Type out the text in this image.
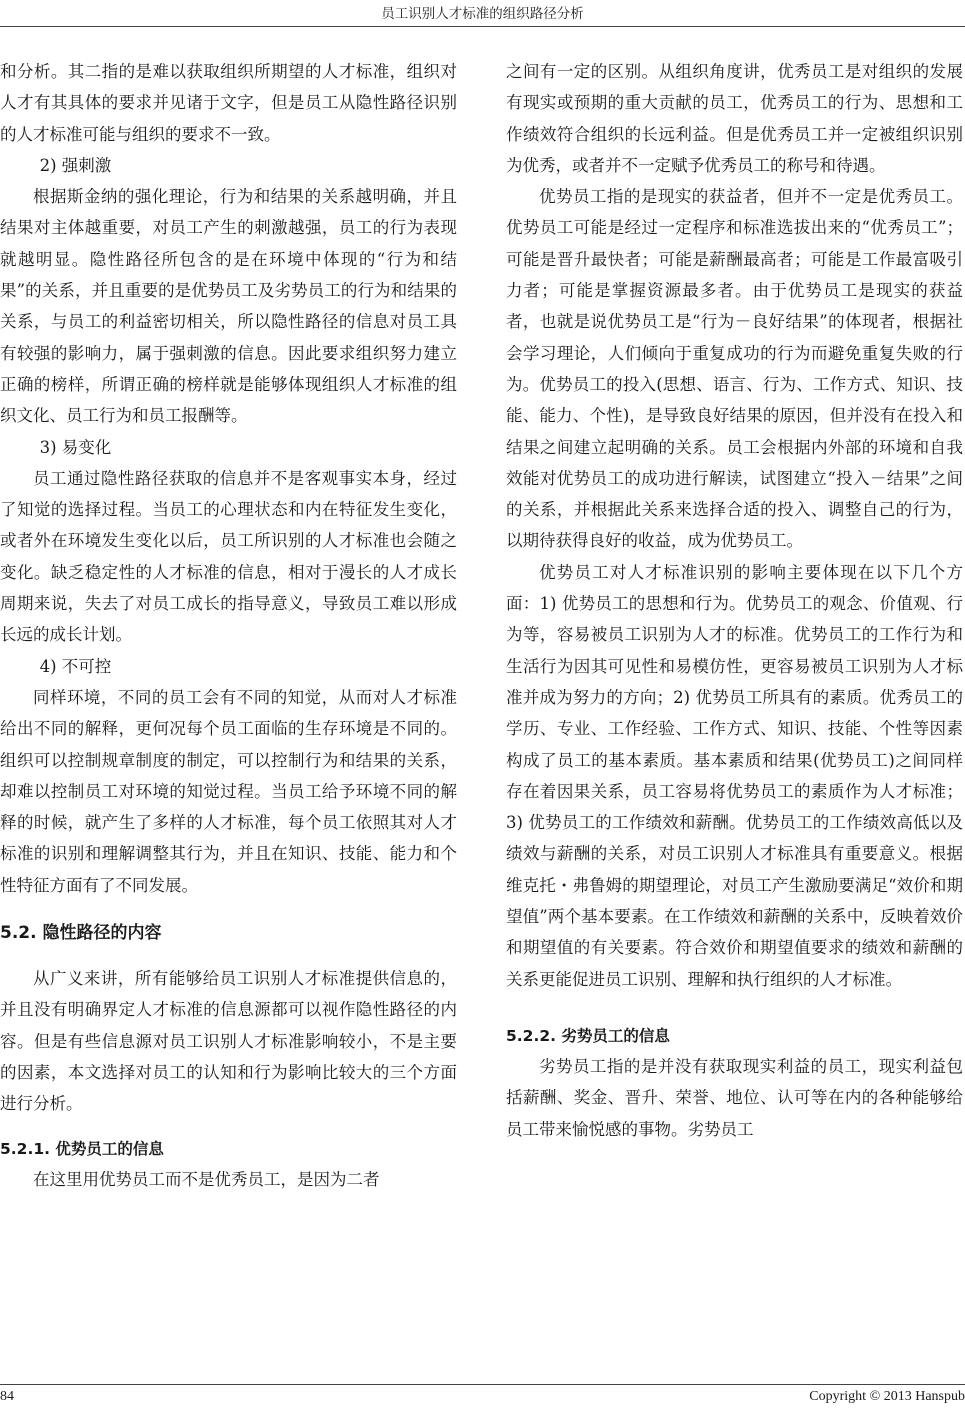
员工识别人才标准的组织路径分析

和分析。其二指的是难以获取组织所期望的人才标准，组织对人才有其具体的要求并见诸于文字，但是员工从隐性路径识别的人才标准可能与组织的要求不一致。

2) 强刺激

根据斯金纳的强化理论，行为和结果的关系越明确，并且结果对主体越重要，对员工产生的刺激越强，员工的行为表现就越明显。隐性路径所包含的是在环境中体现的“行为和结果”的关系，并且重要的是优势员工及劣势员工的行为和结果的关系，与员工的利益密切相关，所以隐性路径的信息对员工具有较强的影响力，属于强刺激的信息。因此要求组织努力建立正确的榜样，所谓正确的榜样就是能够体现组织人才标准的组织文化、员工行为和员工报酬等。

3) 易变化

员工通过隐性路径获取的信息并不是客观事实本身，经过了知觉的选择过程。当员工的心理状态和内在特征发生变化，或者外在环境发生变化以后，员工所识别的人才标准也会随之变化。缺乏稳定性的人才标准的信息，相对于漫长的人才成长周期来说，失去了对员工成长的指导意义，导致员工难以形成长远的成长计划。

4) 不可控

同样环境，不同的员工会有不同的知觉，从而对人才标准给出不同的解释，更何况每个员工面临的生存环境是不同的。组织可以控制规章制度的制定，可以控制行为和结果的关系，却难以控制员工对环境的知觉过程。当员工给予环境不同的解释的时候，就产生了多样的人才标准，每个员工依照其对人才标准的识别和理解调整其行为，并且在知识、技能、能力和个性特征方面有了不同发展。

5.2. 隐性路径的内容

从广义来讲，所有能够给员工识别人才标准提供信息的，并且没有明确界定人才标准的信息源都可以视作隐性路径的内容。但是有些信息源对员工识别人才标准影响较小，不是主要的因素，本文选择对员工的认知和行为影响比较大的三个方面进行分析。

5.2.1. 优势员工的信息

在这里用优势员工而不是优秀员工，是因为二者

之间有一定的区别。从组织角度讲，优秀员工是对组织的发展有现实或预期的重大贡献的员工，优秀员工的行为、思想和工作绩效符合组织的长远利益。但是优秀员工并一定被组织识别为优秀，或者并不一定赋予优秀员工的称号和待遇。

优势员工指的是现实的获益者，但并不一定是优秀员工。优势员工可能是经过一定程序和标准选拔出来的“优秀员工”；可能是晋升最快者；可能是薪酬最高者；可能是工作最富吸引力者；可能是掌握资源最多者。由于优势员工是现实的获益者，也就是说优势员工是“行为－良好结果”的体现者，根据社会学习理论，人们倾向于重复成功的行为而避免重复失败的行为。优势员工的投入(思想、语言、行为、工作方式、知识、技能、能力、个性)，是导致良好结果的原因，但并没有在投入和结果之间建立起明确的关系。员工会根据内外部的环境和自我效能对优势员工的成功进行解读，试图建立“投入－结果”之间的关系，并根据此关系来选择合适的投入、调整自己的行为，以期待获得良好的收益，成为优势员工。

优势员工对人才标准识别的影响主要体现在以下几个方面：1) 优势员工的思想和行为。优势员工的观念、价值观、行为等，容易被员工识别为人才的标准。优势员工的工作行为和生活行为因其可见性和易模仿性，更容易被员工识别为人才标准并成为努力的方向；2) 优势员工所具有的素质。优秀员工的学历、专业、工作经验、工作方式、知识、技能、个性等因素构成了员工的基本素质。基本素质和结果(优势员工)之间同样存在着因果关系，员工容易将优势员工的素质作为人才标准；3) 优势员工的工作绩效和薪酬。优势员工的工作绩效高低以及绩效与薪酬的关系，对员工识别人才标准具有重要意义。根据维克托・弗鲁姆的期望理论，对员工产生激励要满足“效价和期望值”两个基本要素。在工作绩效和薪酬的关系中，反映着效价和期望值的有关要素。符合效价和期望值要求的绩效和薪酬的关系更能促进员工识别、理解和执行组织的人才标准。

5.2.2. 劣势员工的信息

劣势员工指的是并没有获取现实利益的员工，现实利益包括薪酬、奖金、晋升、荣誉、地位、认可等在内的各种能够给员工带来愉悦感的事物。劣势员工

84	Copyright © 2013 Hanspub
